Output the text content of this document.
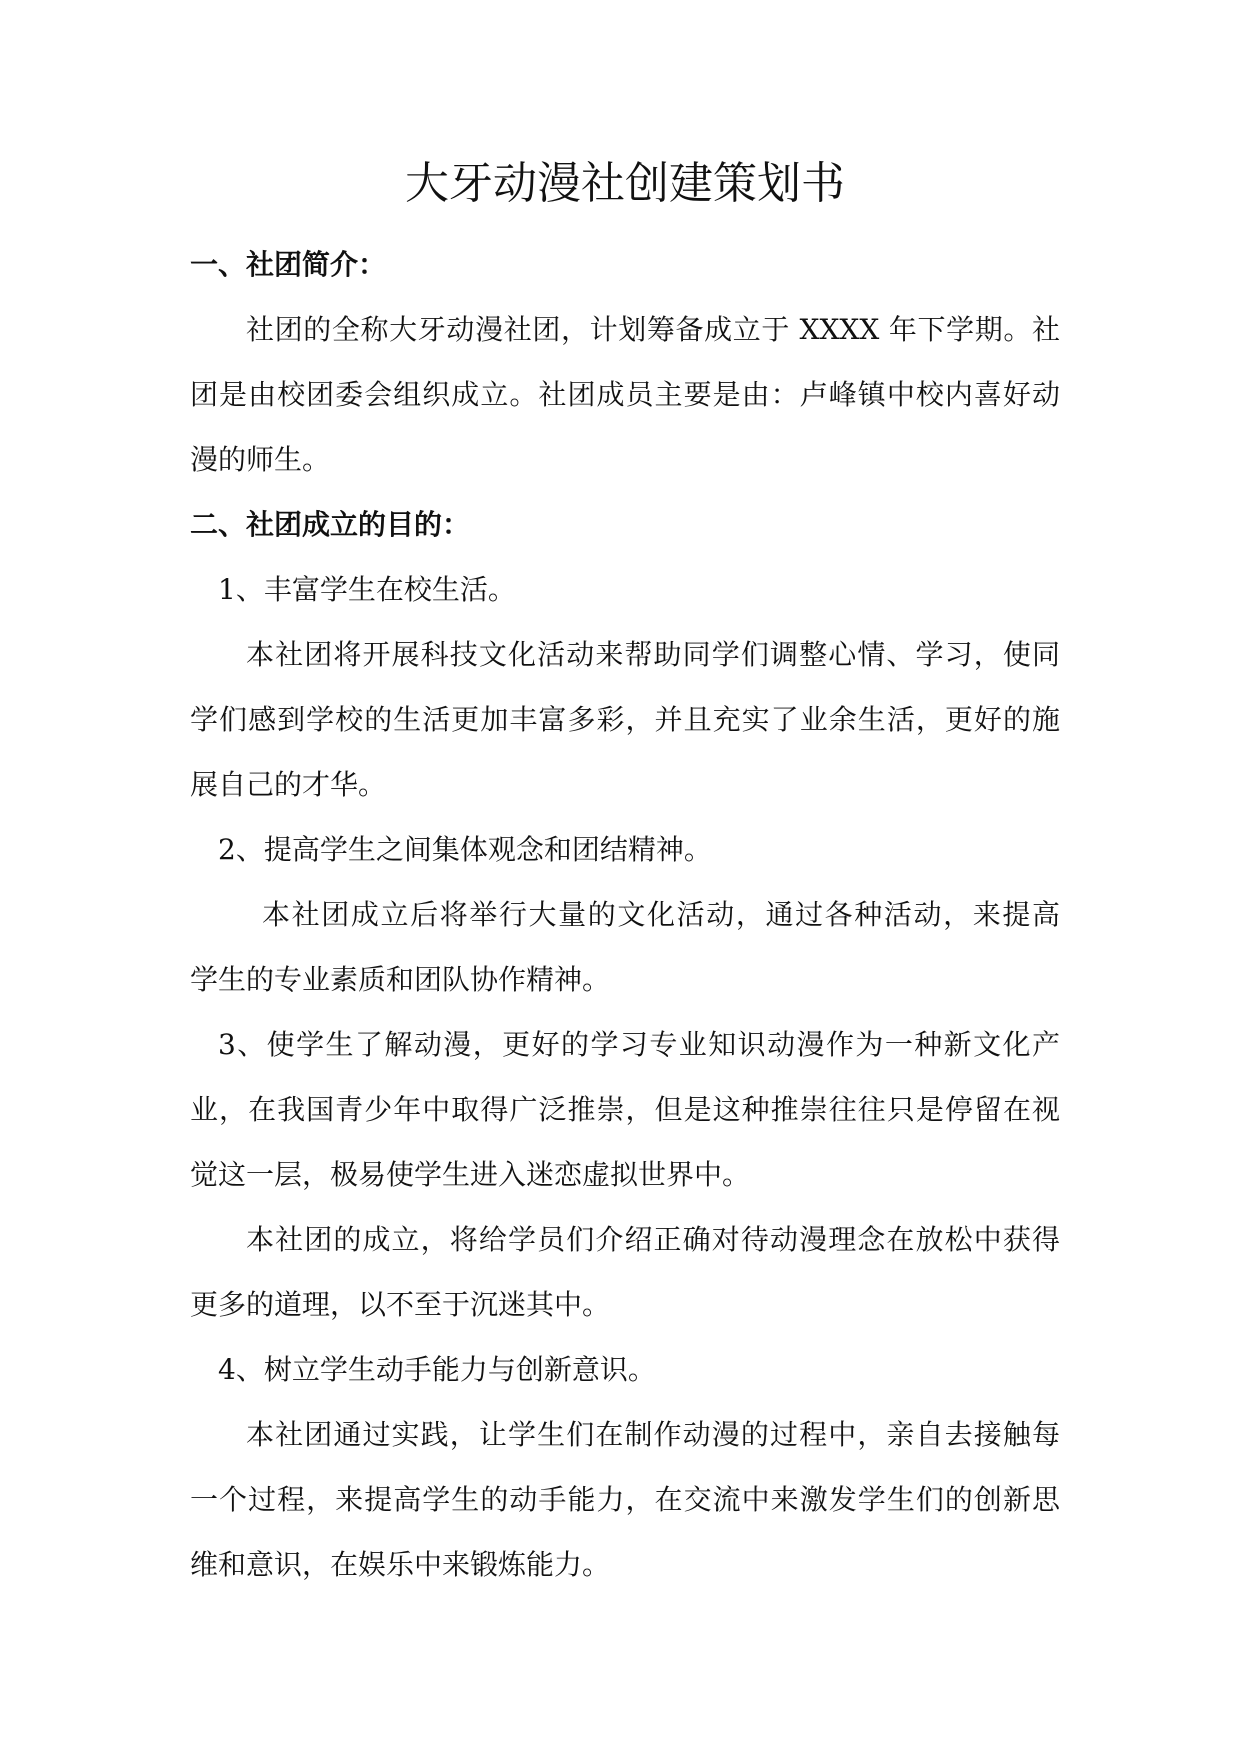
大牙动漫社创建策划书
一、社团简介：
社团的全称大牙动漫社团，计划筹备成立于 XXXX 年下学期。社
团是由校团委会组织成立。社团成员主要是由：卢峰镇中校内喜好动
漫的师生。
二、社团成立的目的：
1、丰富学生在校生活。
本社团将开展科技文化活动来帮助同学们调整心情、学习，使同
学们感到学校的生活更加丰富多彩，并且充实了业余生活，更好的施
展自己的才华。
2、提高学生之间集体观念和团结精神。
本社团成立后将举行大量的文化活动，通过各种活动，来提高
学生的专业素质和团队协作精神。
3、使学生了解动漫，更好的学习专业知识动漫作为一种新文化产
业，在我国青少年中取得广泛推崇，但是这种推崇往往只是停留在视
觉这一层，极易使学生进入迷恋虚拟世界中。
本社团的成立，将给学员们介绍正确对待动漫理念在放松中获得
更多的道理，以不至于沉迷其中。
4、树立学生动手能力与创新意识。
本社团通过实践，让学生们在制作动漫的过程中，亲自去接触每
一个过程，来提高学生的动手能力，在交流中来激发学生们的创新思
维和意识，在娱乐中来锻炼能力。
